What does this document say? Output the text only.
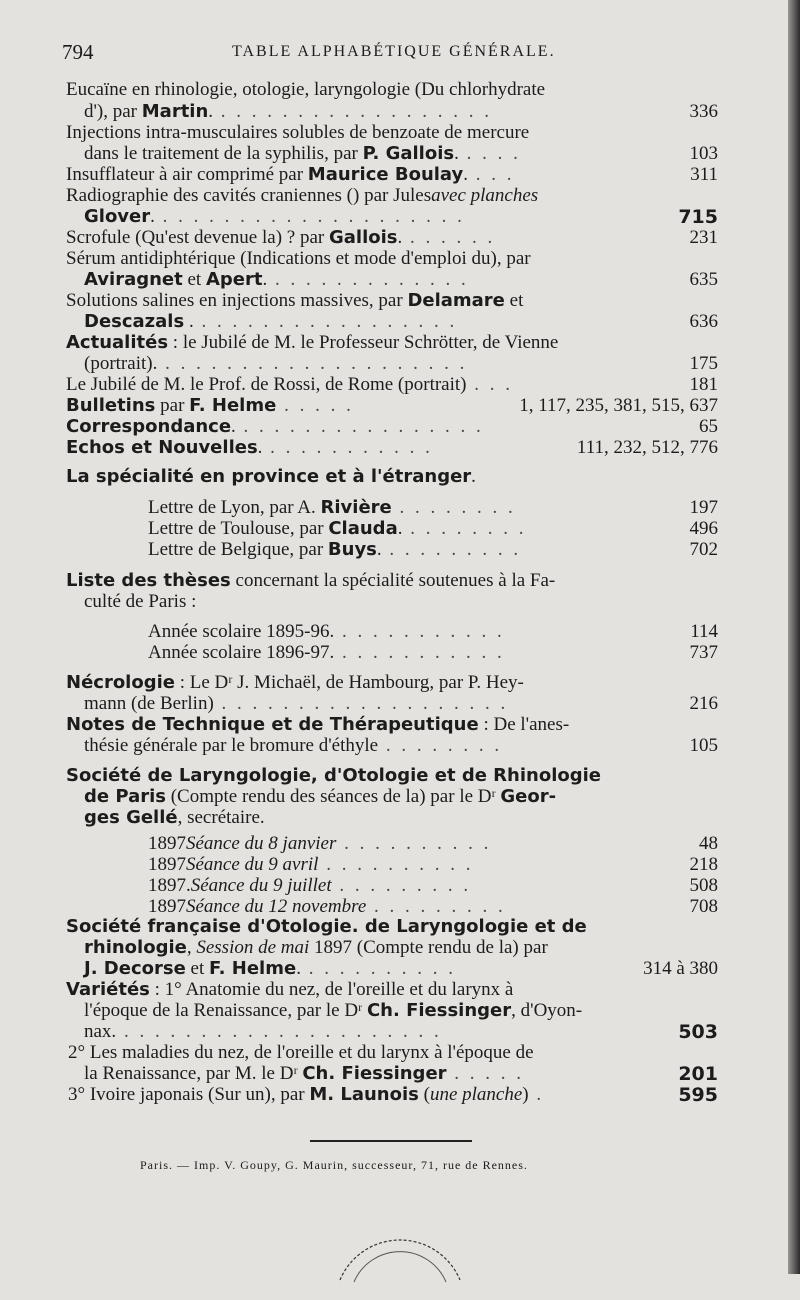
794	TABLE ALPHABÉTIQUE GÉNÉRALE.
Eucaïne en rhinologie, otologie, laryngologie (Du chlorhydrate
d'), par Martin. . . . . . . . . . . . . . . . . . .	336
Injections intra-musculaires solubles de benzoate de mercure
dans le traitement de la syphilis, par P. Gallois. . . . .	103
Insufflateur à air comprimé par Maurice Boulay. . . .	311
Radiographie des cavités craniennes () par Julesavec planches
Glover. . . . . . . . . . . . . . . . . . . . .	715
Scrofule (Qu'est devenue la) ? par Gallois. . . . . . .	231
Sérum antidiphtérique (Indications et mode d'emploi du), par
Aviragnet et Apert. . . . . . . . . . . . . .	635
Solutions salines en injections massives, par Delamare et
Descazals . . . . . . . . . . . . . . . . . .	636
Actualités : le Jubilé de M. le Professeur Schrötter, de Vienne
(portrait). . . . . . . . . . . . . . . . . . . . .	175
Le Jubilé de M. le Prof. de Rossi, de Rome (portrait) . . .	181
Bulletins par F. Helme . . . . .	1, 117, 235, 381, 515, 637
Correspondance. . . . . . . . . . . . . . . . .	65
Echos et Nouvelles. . . . . . . . . . . .	111, 232, 512, 776
La spécialité en province et à l'étranger.
Lettre de Lyon, par A. Rivière . . . . . . . .	197
Lettre de Toulouse, par Clauda. . . . . . . . .	496
Lettre de Belgique, par Buys. . . . . . . . . .	702
Liste des thèses concernant la spécialité soutenues à la Fa-
culté de Paris :
Année scolaire 1895-96. . . . . . . . . . . .	114
Année scolaire 1896-97. . . . . . . . . . . .	737
Nécrologie : Le Dʳ J. Michaël, de Hambourg, par P. Hey-
mann (de Berlin) . . . . . . . . . . . . . . . . . . .	216
Notes de Technique et de Thérapeutique : De l'anes-
thésie générale par le bromure d'éthyle . . . . . . . .	105
Société de Laryngologie, d'Otologie et de Rhinologie
de Paris (Compte rendu des séances de la) par le Dʳ Geor-
ges Gellé, secrétaire.
1897Séance du 8 janvier . . . . . . . . . .	48
1897Séance du 9 avril . . . . . . . . . .	218
1897.Séance du 9 juillet . . . . . . . . .	508
1897Séance du 12 novembre . . . . . . . . .	708
Société française d'Otologie. de Laryngologie et de
rhinologie, Session de mai 1897 (Compte rendu de la) par
J. Decorse et F. Helme. . . . . . . . . . .	314 à 380
Variétés : 1° Anatomie du nez, de l'oreille et du larynx à
l'époque de la Renaissance, par le Dʳ Ch. Fiessinger, d'Oyon-
nax. . . . . . . . . . . . . . . . . . . . . .	503
2° Les maladies du nez, de l'oreille et du larynx à l'époque de
la Renaissance, par M. le Dʳ Ch. Fiessinger . . . . .	201
3° Ivoire japonais (Sur un), par M. Launois (une planche) .	595
Paris. — Imp. V. Goupy, G. Maurin, successeur, 71, rue de Rennes.
